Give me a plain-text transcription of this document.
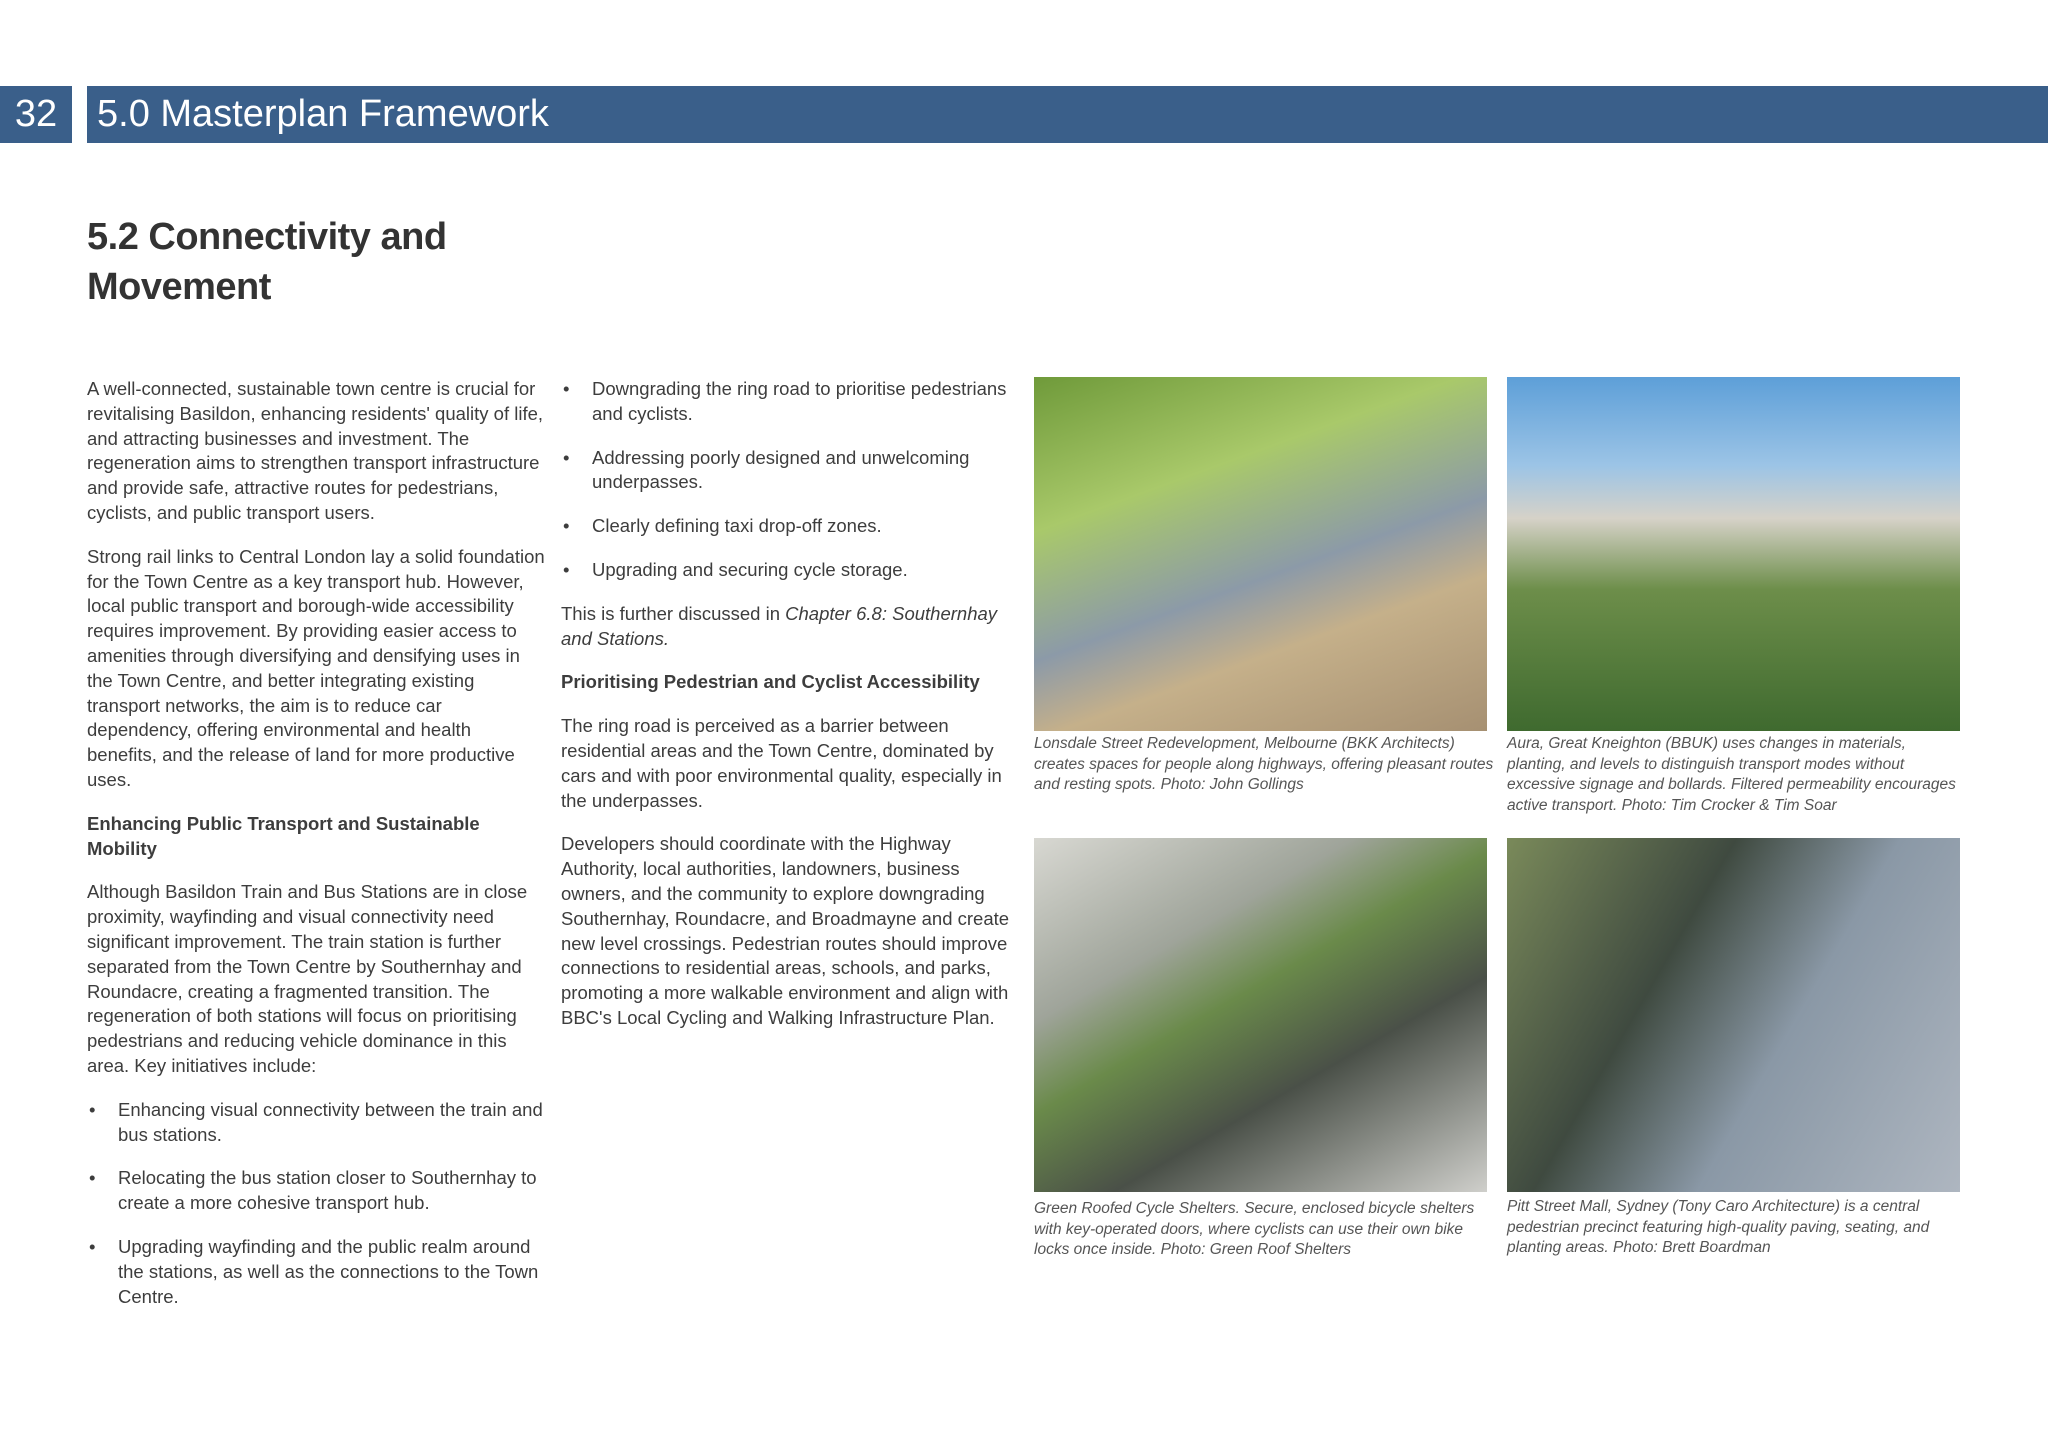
32	5.0 Masterplan Framework
5.2 Connectivity and Movement

A well-connected, sustainable town centre is crucial for revitalising Basildon, enhancing residents' quality of life, and attracting businesses and investment. The regeneration aims to strengthen transport infrastructure and provide safe, attractive routes for pedestrians, cyclists, and public transport users.

Strong rail links to Central London lay a solid foundation for the Town Centre as a key transport hub. However, local public transport and borough-wide accessibility requires improvement. By providing easier access to amenities through diversifying and densifying uses in the Town Centre, and better integrating existing transport networks, the aim is to reduce car dependency, offering environmental and health benefits, and the release of land for more productive uses.

Enhancing Public Transport and Sustainable Mobility

Although Basildon Train and Bus Stations are in close proximity, wayfinding and visual connectivity need significant improvement. The train station is further separated from the Town Centre by Southernhay and Roundacre, creating a fragmented transition. The regeneration of both stations will focus on prioritising pedestrians and reducing vehicle dominance in this area. Key initiatives include:

• Enhancing visual connectivity between the train and bus stations.
• Relocating the bus station closer to Southernhay to create a more cohesive transport hub.
• Upgrading wayfinding and the public realm around the stations, as well as the connections to the Town Centre.
• Downgrading the ring road to prioritise pedestrians and cyclists.
• Addressing poorly designed and unwelcoming underpasses.
• Clearly defining taxi drop-off zones.
• Upgrading and securing cycle storage.

This is further discussed in Chapter 6.8: Southernhay and Stations.

Prioritising Pedestrian and Cyclist Accessibility

The ring road is perceived as a barrier between residential areas and the Town Centre, dominated by cars and with poor environmental quality, especially in the underpasses.

Developers should coordinate with the Highway Authority, local authorities, landowners, business owners, and the community to explore downgrading Southernhay, Roundacre, and Broadmayne and create new level crossings. Pedestrian routes should improve connections to residential areas, schools, and parks, promoting a more walkable environment and align with BBC's Local Cycling and Walking Infrastructure Plan.

Lonsdale Street Redevelopment, Melbourne (BKK Architects) creates spaces for people along highways, offering pleasant routes and resting spots. Photo: John Gollings
Aura, Great Kneighton (BBUK) uses changes in materials, planting, and levels to distinguish transport modes without excessive signage and bollards. Filtered permeability encourages active transport. Photo: Tim Crocker & Tim Soar
Green Roofed Cycle Shelters. Secure, enclosed bicycle shelters with key-operated doors, where cyclists can use their own bike locks once inside. Photo: Green Roof Shelters
Pitt Street Mall, Sydney (Tony Caro Architecture) is a central pedestrian precinct featuring high-quality paving, seating, and planting areas. Photo: Brett Boardman
